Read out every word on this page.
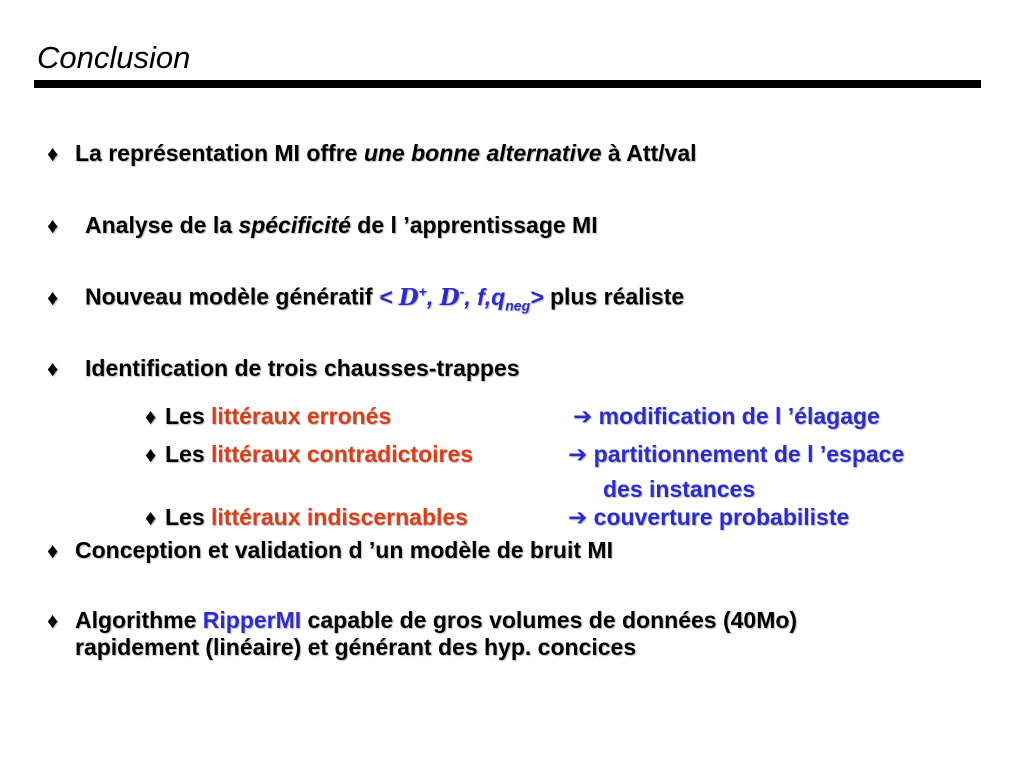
Conclusion
♦ La représentation MI offre une bonne alternative à Att/val
♦ Analyse de la spécificité de l ’apprentissage MI
♦ Nouveau modèle génératif < D+, D-, $f,q_{neg}>$ plus réaliste
♦ Identification de trois chausses-trappes
♦ Les littéraux erronés	➔ modification de l ’élagage
♦ Les littéraux contradictoires	➔ partitionnement de l ’espace
des instances
♦ Les littéraux indiscernables	➔ couverture probabiliste
♦ Conception et validation d ’un modèle de bruit MI
♦ Algorithme RipperMI capable de gros volumes de données (40Mo)
rapidement (linéaire) et générant des hyp. concices
